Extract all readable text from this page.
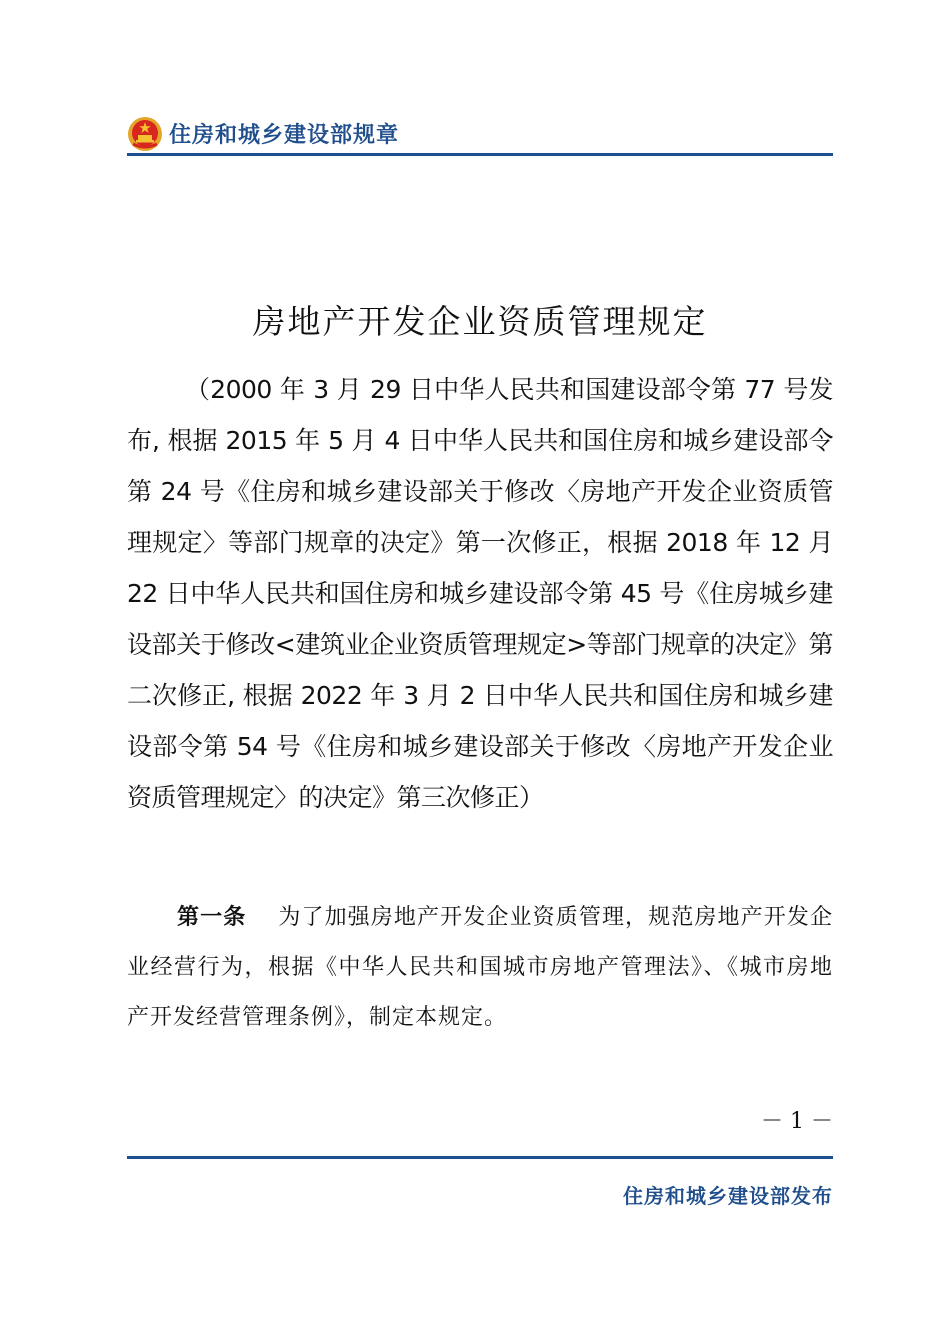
住房和城乡建设部规章
房地产开发企业资质管理规定
（2000 年 3 月 29 日中华人民共和国建设部令第 77 号发布, 根据 2015 年 5 月 4 日中华人民共和国住房和城乡建设部令第 24 号《住房和城乡建设部关于修改〈房地产开发企业资质管理规定〉等部门规章的决定》第一次修正，根据 2018 年 12 月 22 日中华人民共和国住房和城乡建设部令第 45 号《住房城乡建设部关于修改<建筑业企业资质管理规定>等部门规章的决定》第二次修正, 根据 2022 年 3 月 2 日中华人民共和国住房和城乡建设部令第 54 号《住房和城乡建设部关于修改〈房地产开发企业资质管理规定〉的决定》第三次修正）
第一条 为了加强房地产开发企业资质管理，规范房地产开发企业经营行为，根据《中华人民共和国城市房地产管理法》、《城市房地产开发经营管理条例》，制定本规定。
－ 1 －
住房和城乡建设部发布
